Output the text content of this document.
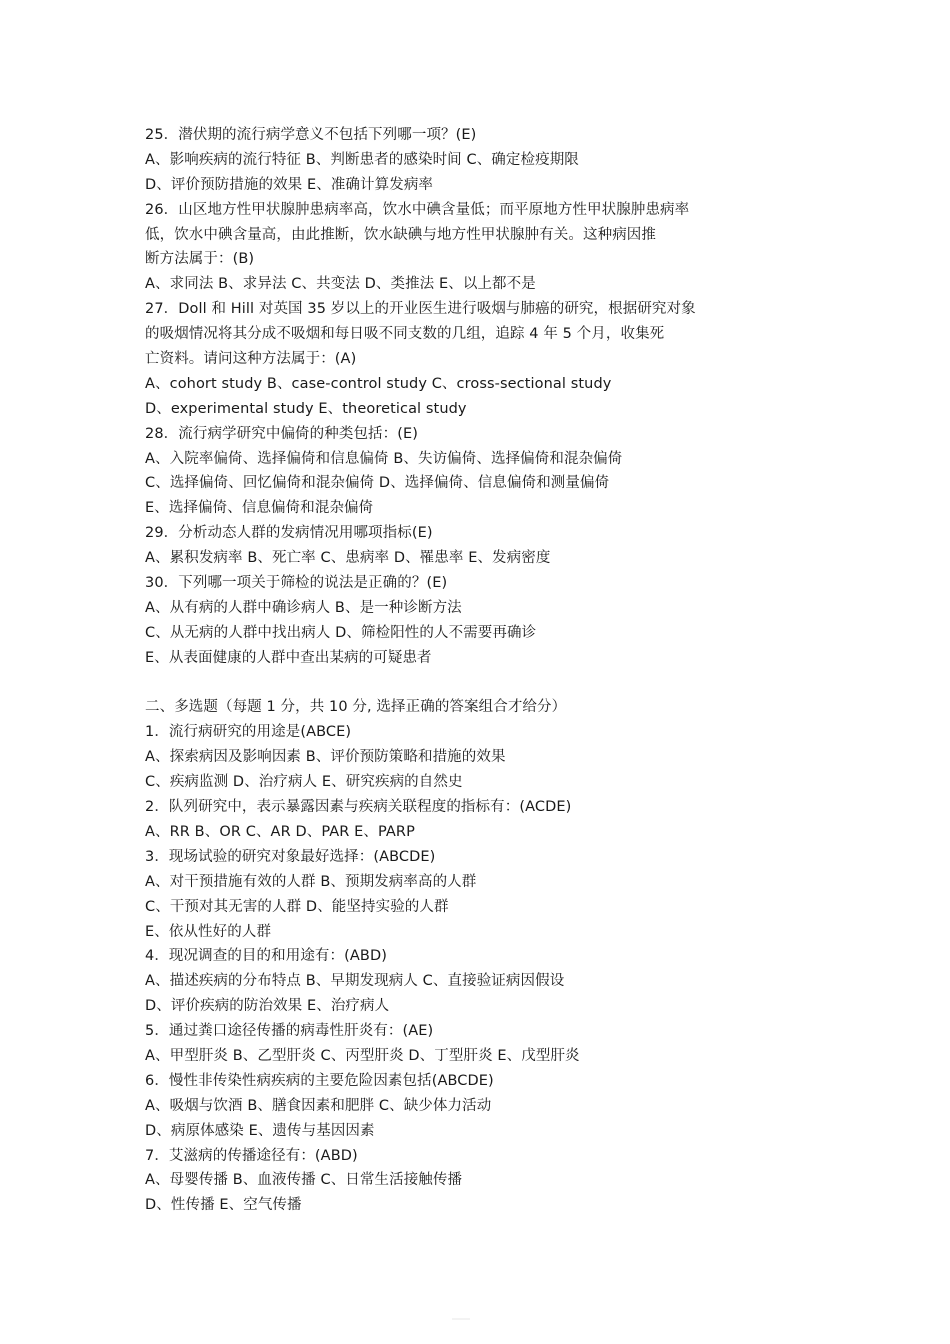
25．潜伏期的流行病学意义不包括下列哪一项？(E)
A、影响疾病的流行特征 B、判断患者的感染时间 C、确定检疫期限
D、评价预防措施的效果 E、准确计算发病率
26．山区地方性甲状腺肿患病率高，饮水中碘含量低；而平原地方性甲状腺肿患病率
低，饮水中碘含量高，由此推断，饮水缺碘与地方性甲状腺肿有关。这种病因推
断方法属于：(B)
A、求同法 B、求异法 C、共变法 D、类推法 E、以上都不是
27．Doll 和 Hill 对英国 35 岁以上的开业医生进行吸烟与肺癌的研究，根据研究对象
的吸烟情况将其分成不吸烟和每日吸不同支数的几组，追踪 4 年 5 个月，收集死
亡资料。请问这种方法属于：(A)
A、cohort study B、case-control study C、cross-sectional study
D、experimental study E、theoretical study
28．流行病学研究中偏倚的种类包括：(E)
A、入院率偏倚、选择偏倚和信息偏倚 B、失访偏倚、选择偏倚和混杂偏倚
C、选择偏倚、回忆偏倚和混杂偏倚 D、选择偏倚、信息偏倚和测量偏倚
E、选择偏倚、信息偏倚和混杂偏倚
29．分析动态人群的发病情况用哪项指标(E)
A、累积发病率 B、死亡率 C、患病率 D、罹患率 E、发病密度
30．下列哪一项关于筛检的说法是正确的？(E)
A、从有病的人群中确诊病人 B、是一种诊断方法
C、从无病的人群中找出病人 D、筛检阳性的人不需要再确诊
E、从表面健康的人群中查出某病的可疑患者
二、多选题（每题 1 分，共 10 分, 选择正确的答案组合才给分）
1．流行病研究的用途是(ABCE)
A、探索病因及影响因素 B、评价预防策略和措施的效果
C、疾病监测 D、治疗病人 E、研究疾病的自然史
2．队列研究中，表示暴露因素与疾病关联程度的指标有：(ACDE)
A、RR B、OR C、AR D、PAR E、PARP
3．现场试验的研究对象最好选择：(ABCDE)
A、对干预措施有效的人群 B、预期发病率高的人群
C、干预对其无害的人群 D、能坚持实验的人群
E、依从性好的人群
4．现况调查的目的和用途有：(ABD)
A、描述疾病的分布特点 B、早期发现病人 C、直接验证病因假设
D、评价疾病的防治效果 E、治疗病人
5．通过粪口途径传播的病毒性肝炎有：(AE)
A、甲型肝炎 B、乙型肝炎 C、丙型肝炎 D、丁型肝炎 E、戊型肝炎
6．慢性非传染性病疾病的主要危险因素包括(ABCDE)
A、吸烟与饮酒 B、膳食因素和肥胖 C、缺少体力活动
D、病原体感染 E、遗传与基因因素
7．艾滋病的传播途径有：(ABD)
A、母婴传播 B、血液传播 C、日常生活接触传播
D、性传播 E、空气传播
